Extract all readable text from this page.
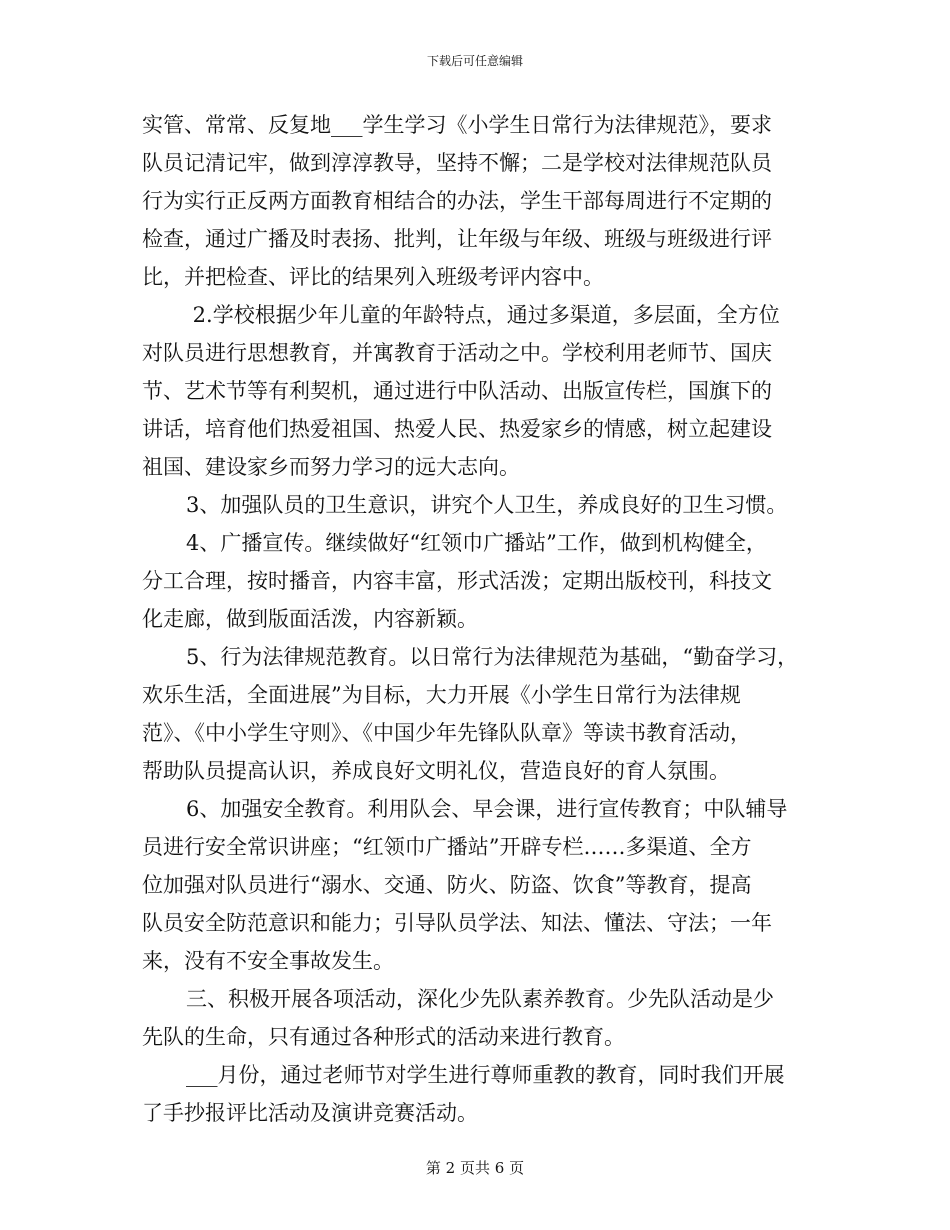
下载后可任意编辑
实管、常常、反复地___学生学习《小学生日常行为法律规范》，要求
队员记清记牢，做到淳淳教导，坚持不懈；二是学校对法律规范队员
行为实行正反两方面教育相结合的办法，学生干部每周进行不定期的
检查，通过广播及时表扬、批判，让年级与年级、班级与班级进行评
比，并把检查、评比的结果列入班级考评内容中。
2.学校根据少年儿童的年龄特点，通过多渠道，多层面，全方位
对队员进行思想教育，并寓教育于活动之中。学校利用老师节、国庆
节、艺术节等有利契机，通过进行中队活动、出版宣传栏，国旗下的
讲话，培育他们热爱祖国、热爱人民、热爱家乡的情感，树立起建设
祖国、建设家乡而努力学习的远大志向。
3、加强队员的卫生意识，讲究个人卫生，养成良好的卫生习惯。
4、广播宣传。继续做好“红领巾广播站”工作，做到机构健全，
分工合理，按时播音，内容丰富，形式活泼；定期出版校刊，科技文
化走廊，做到版面活泼，内容新颖。
5、行为法律规范教育。以日常行为法律规范为基础，“勤奋学习，
欢乐生活，全面进展”为目标，大力开展《小学生日常行为法律规
范》、《中小学生守则》、《中国少年先锋队队章》等读书教育活动，
帮助队员提高认识，养成良好文明礼仪，营造良好的育人氛围。
6、加强安全教育。利用队会、早会课，进行宣传教育；中队辅导
员进行安全常识讲座；“红领巾广播站”开辟专栏……多渠道、全方
位加强对队员进行“溺水、交通、防火、防盗、饮食”等教育，提高
队员安全防范意识和能力；引导队员学法、知法、懂法、守法；一年
来，没有不安全事故发生。
三、积极开展各项活动，深化少先队素养教育。少先队活动是少
先队的生命，只有通过各种形式的活动来进行教育。
___月份，通过老师节对学生进行尊师重教的教育，同时我们开展
了手抄报评比活动及演讲竞赛活动。
第 2 页共 6 页
